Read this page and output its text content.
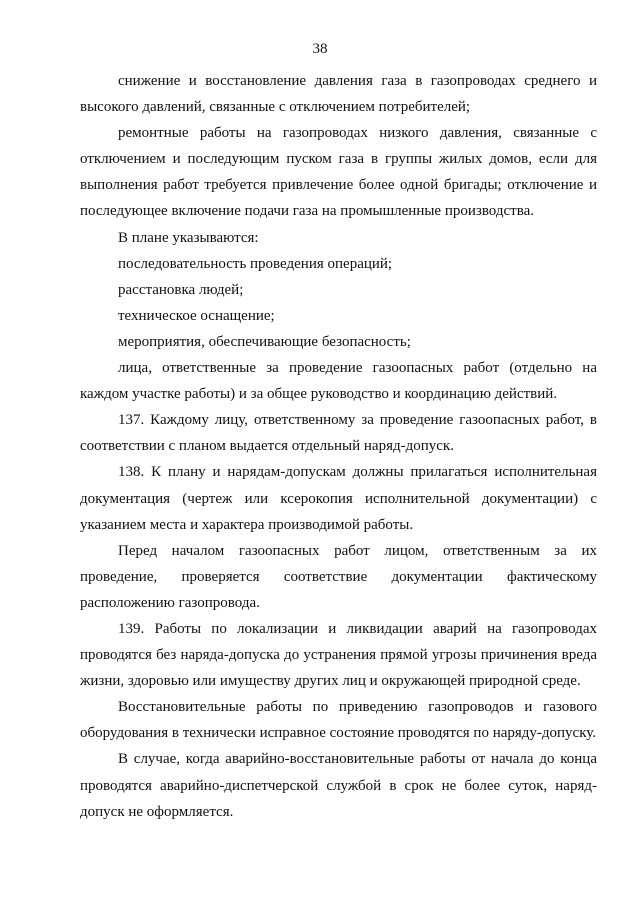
38

снижение и восстановление давления газа в газопроводах среднего и высокого давлений, связанные с отключением потребителей;

ремонтные работы на газопроводах низкого давления, связанные с отключением и последующим пуском газа в группы жилых домов, если для выполнения работ требуется привлечение более одной бригады; отключение и последующее включение подачи газа на промышленные производства.

В плане указываются:

последовательность проведения операций;

расстановка людей;

техническое оснащение;

мероприятия, обеспечивающие безопасность;

лица, ответственные за проведение газоопасных работ (отдельно на каждом участке работы) и за общее руководство и координацию действий.

137. Каждому лицу, ответственному за проведение газоопасных работ, в соответствии с планом выдается отдельный наряд-допуск.

138. К плану и нарядам-допускам должны прилагаться исполнительная документация (чертеж или ксерокопия исполнительной документации) с указанием места и характера производимой работы.

Перед началом газоопасных работ лицом, ответственным за их проведение, проверяется соответствие документации фактическому расположению газопровода.

139. Работы по локализации и ликвидации аварий на газопроводах проводятся без наряда-допуска до устранения прямой угрозы причинения вреда жизни, здоровью или имуществу других лиц и окружающей природной среде.

Восстановительные работы по приведению газопроводов и газового оборудования в технически исправное состояние проводятся по наряду-допуску.

В случае, когда аварийно-восстановительные работы от начала до конца проводятся аварийно-диспетчерской службой в срок не более суток, наряд-допуск не оформляется.
